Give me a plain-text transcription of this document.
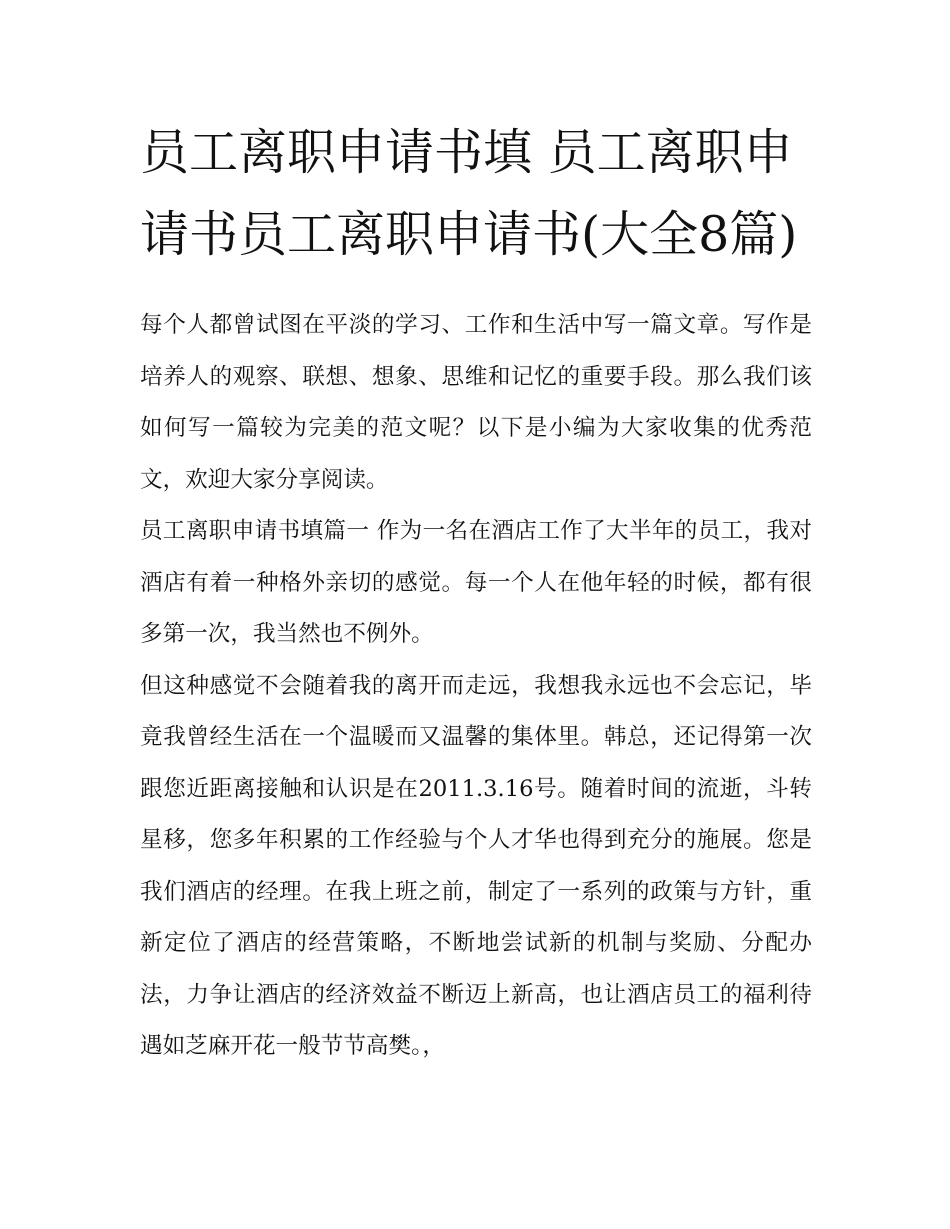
员工离职申请书填 员工离职申请书员工离职申请书(大全8篇)

每个人都曾试图在平淡的学习、工作和生活中写一篇文章。写作是培养人的观察、联想、想象、思维和记忆的重要手段。那么我们该如何写一篇较为完美的范文呢？以下是小编为大家收集的优秀范文，欢迎大家分享阅读。

员工离职申请书填篇一 作为一名在酒店工作了大半年的员工，我对酒店有着一种格外亲切的感觉。每一个人在他年轻的时候，都有很多第一次，我当然也不例外。

但这种感觉不会随着我的离开而走远，我想我永远也不会忘记，毕竟我曾经生活在一个温暖而又温馨的集体里。韩总，还记得第一次跟您近距离接触和认识是在2011.3.16号。随着时间的流逝，斗转星移，您多年积累的工作经验与个人才华也得到充分的施展。您是我们酒店的经理。在我上班之前，制定了一系列的政策与方针，重新定位了酒店的经营策略，不断地尝试新的机制与奖励、分配办法，力争让酒店的经济效益不断迈上新高，也让酒店员工的福利待遇如芝麻开花一般节节高樊。，
